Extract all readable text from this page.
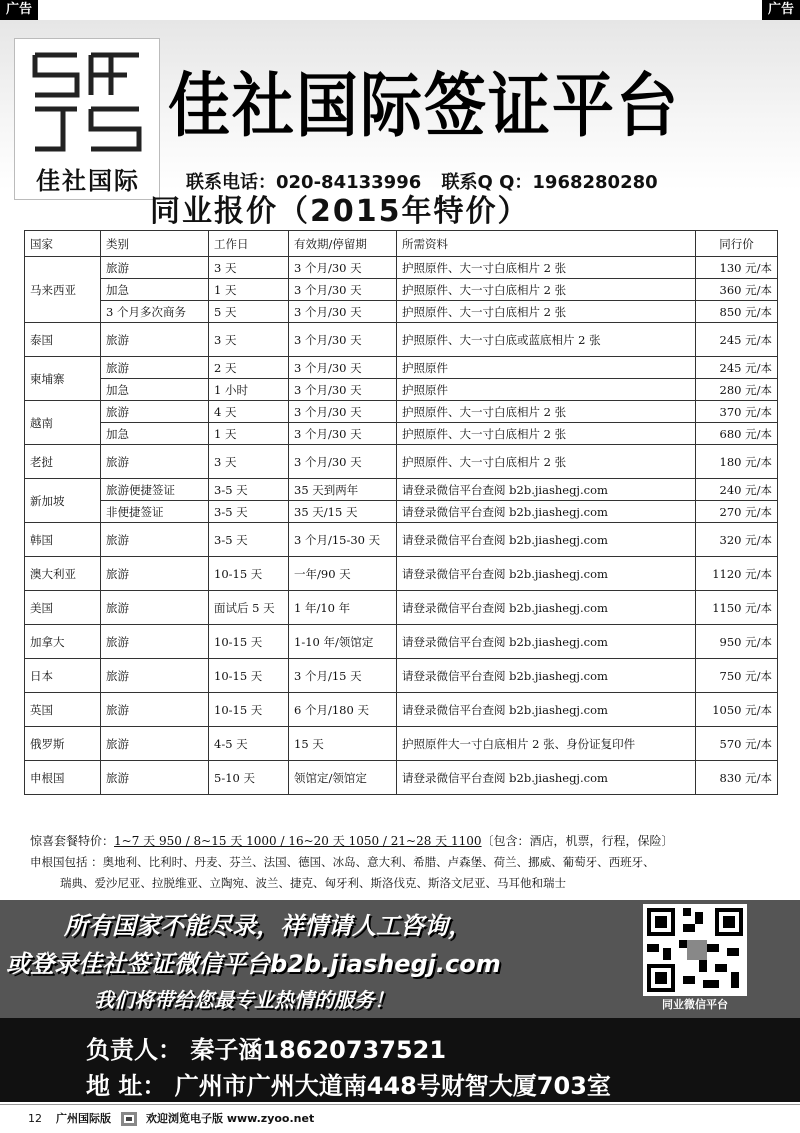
广告	广告
佳社国际
佳社国际签证平台
联系电话：020-84133996 联系Q Q：1968280280
同业报价（2015年特价）
国家	类别	工作日	有效期/停留期	所需资料	同行价
马来西亚	旅游	3 天	3 个月/30 天	护照原件、大一寸白底相片 2 张	130 元/本
	加急	1 天	3 个月/30 天	护照原件、大一寸白底相片 2 张	360 元/本
	3 个月多次商务	5 天	3 个月/30 天	护照原件、大一寸白底相片 2 张	850 元/本
泰国	旅游	3 天	3 个月/30 天	护照原件、大一寸白底或蓝底相片 2 张	245 元/本
柬埔寨	旅游	2 天	3 个月/30 天	护照原件	245 元/本
	加急	1 小时	3 个月/30 天	护照原件	280 元/本
越南	旅游	4 天	3 个月/30 天	护照原件、大一寸白底相片 2 张	370 元/本
	加急	1 天	3 个月/30 天	护照原件、大一寸白底相片 2 张	680 元/本
老挝	旅游	3 天	3 个月/30 天	护照原件、大一寸白底相片 2 张	180 元/本
新加坡	旅游便捷签证	3-5 天	35 天到两年	请登录微信平台查阅 b2b.jiashegj.com	240 元/本
	非便捷签证	3-5 天	35 天/15 天	请登录微信平台查阅 b2b.jiashegj.com	270 元/本
韩国	旅游	3-5 天	3 个月/15-30 天	请登录微信平台查阅 b2b.jiashegj.com	320 元/本
澳大利亚	旅游	10-15 天	一年/90 天	请登录微信平台查阅 b2b.jiashegj.com	1120 元/本
美国	旅游	面试后 5 天	1 年/10 年	请登录微信平台查阅 b2b.jiashegj.com	1150 元/本
加拿大	旅游	10-15 天	1-10 年/领馆定	请登录微信平台查阅 b2b.jiashegj.com	950 元/本
日本	旅游	10-15 天	3 个月/15 天	请登录微信平台查阅 b2b.jiashegj.com	750 元/本
英国	旅游	10-15 天	6 个月/180 天	请登录微信平台查阅 b2b.jiashegj.com	1050 元/本
俄罗斯	旅游	4-5 天	15 天	护照原件大一寸白底相片 2 张、身份证复印件	570 元/本
申根国	旅游	5-10 天	领馆定/领馆定	请登录微信平台查阅 b2b.jiashegj.com	830 元/本
惊喜套餐特价：1~7 天 950 / 8~15 天 1000 / 16~20 天 1050 / 21~28 天 1100〔包含：酒店，机票，行程，保险〕
申根国包括 ：奥地利、比利时、丹麦、芬兰、法国、德国、冰岛、意大利、希腊、卢森堡、荷兰、挪威、葡萄牙、西班牙、
瑞典、爱沙尼亚、拉脱维亚、立陶宛、波兰、捷克、匈牙利、斯洛伐克、斯洛文尼亚、马耳他和瑞士
所有国家不能尽录，祥情请人工咨询，
或登录佳社签证微信平台b2b.jiashegj.com
我们将带给您最专业热情的服务！	同业微信平台
负责人： 秦子涵18620737521
地 址： 广州市广州大道南448号财智大厦703室
12 广州国际版	欢迎浏览电子版 www.zyoo.net
